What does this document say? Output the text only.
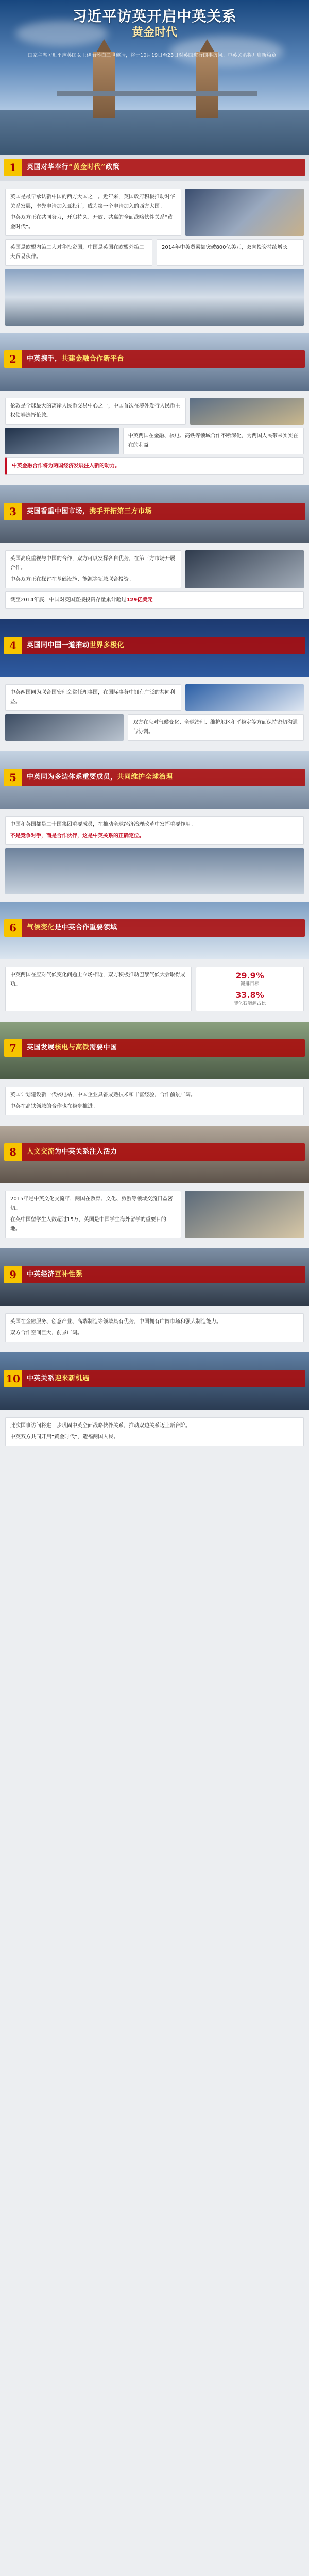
习近平访英开启中英关系
黄金时代
国家主席习近平应英国女王伊丽莎白二世邀请，将于10月19日至23日对英国进行国事访问。中英关系将开启新篇章。
1	英国对华奉行 “黄金时代” 政策

英国是最早承认新中国的西方大国之一。近年来，英国政府积极推动对华关系发展，率先申请加入亚投行，成为第一个申请加入的西方大国。

中英双方正在共同努力，开启持久、开放、共赢的全面战略伙伴关系“黄金时代”。

英国是欧盟内第二大对华投资国，中国是英国在欧盟外第二大贸易伙伴。

2014年中英贸易额突破800亿美元，双向投资持续增长。

2	中英携手， 共建金融合作新平台

伦敦是全球最大的离岸人民币交易中心之一，中国首次在境外发行人民币主权债券选择伦敦。

中英两国在金融、核电、高铁等领域合作不断深化，为两国人民带来实实在在的利益。

中英金融合作将为两国经济发展注入新的动力。

3	英国看重中国市场， 携手开拓第三方市场

英国高度重视与中国的合作，双方可以发挥各自优势，在第三方市场开展合作。

中英双方正在探讨在基础设施、能源等领域联合投资。

截至2014年底，中国对英国直接投资存量累计超过129亿美元

4	英国同中国一道推动 世界多极化

中英两国同为联合国安理会常任理事国，在国际事务中拥有广泛的共同利益。

双方在应对气候变化、全球治理、维护地区和平稳定等方面保持密切沟通与协调。

5	中英同为多边体系重要成员， 共同维护全球治理

中国和英国都是二十国集团重要成员，在推动全球经济治理改革中发挥重要作用。

不是竞争对手，而是合作伙伴，这是中英关系的正确定位。

6	气候变化 是中英合作重要领域

中英两国在应对气候变化问题上立场相近，双方积极推动巴黎气候大会取得成功。

29.9%
减排目标
33.8%
非化石能源占比
7	英国发展 核电与高铁 需要中国

英国计划建设新一代核电站，中国企业具备成熟技术和丰富经验，合作前景广阔。

中英在高铁领域的合作也在稳步推进。

8	人文交流 为中英关系注入活力

2015年是中英文化交流年，两国在教育、文化、旅游等领域交流日益密切。

在英中国留学生人数超过15万，英国是中国学生海外留学的重要目的地。

9	中英经济 互补性强

英国在金融服务、创意产业、高端制造等领域具有优势，中国拥有广阔市场和强大制造能力。

双方合作空间巨大，前景广阔。

10 中英关系 迎来新机遇

此次国事访问将进一步巩固中英全面战略伙伴关系，推动双边关系迈上新台阶。

中英双方共同开启“黄金时代”，造福两国人民。
